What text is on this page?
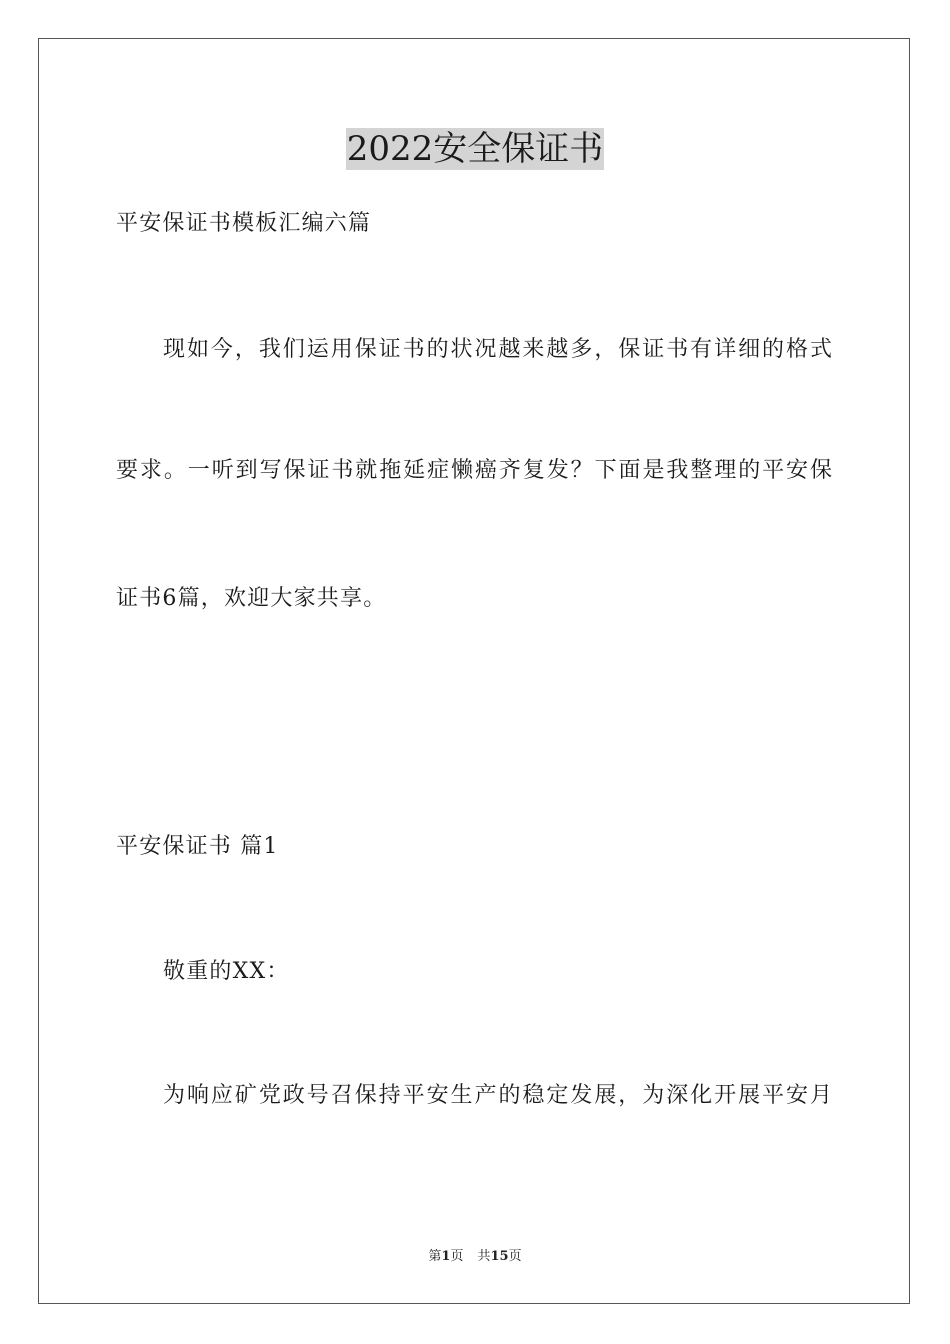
2022安全保证书
平安保证书模板汇编六篇
现如今，我们运用保证书的状况越来越多，保证书有详细的格式
要求。一听到写保证书就拖延症懒癌齐复发？下面是我整理的平安保
证书6篇，欢迎大家共享。
平安保证书 篇1
敬重的XX：
为响应矿党政号召保持平安生产的稳定发展，为深化开展平安月
第1页 共15页
